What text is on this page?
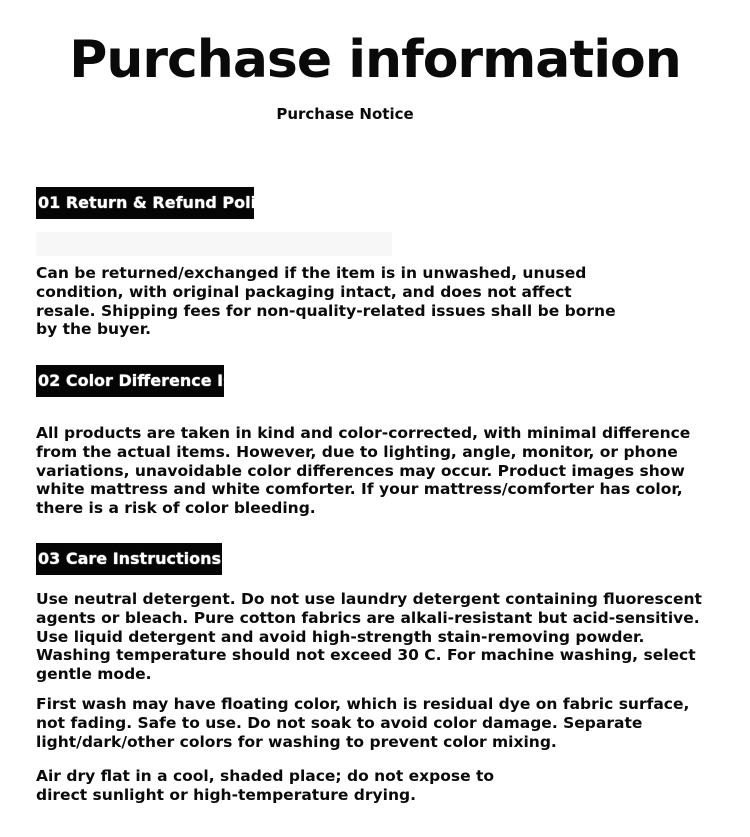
Purchase information
Purchase Notice
01 Return & Refund Policy

Can be returned/exchanged if the item is in unwashed, unused condition, with original packaging intact, and does not affect resale. Shipping fees for non-quality-related issues shall be borne by the buyer.

02 Color Difference Issue

All products are taken in kind and color-corrected, with minimal difference from the actual items. However, due to lighting, angle, monitor, or phone variations, unavoidable color differences may occur. Product images show white mattress and white comforter. If your mattress/comforter has color, there is a risk of color bleeding.

03 Care Instructions

Use neutral detergent. Do not use laundry detergent containing fluorescent agents or bleach. Pure cotton fabrics are alkali-resistant but acid-sensitive. Use liquid detergent and avoid high-strength stain-removing powder. Washing temperature should not exceed 30 C. For machine washing, select gentle mode.

First wash may have floating color, which is residual dye on fabric surface, not fading. Safe to use. Do not soak to avoid color damage. Separate light/dark/other colors for washing to prevent color mixing.

Air dry flat in a cool, shaded place; do not expose to direct sunlight or high-temperature drying.
